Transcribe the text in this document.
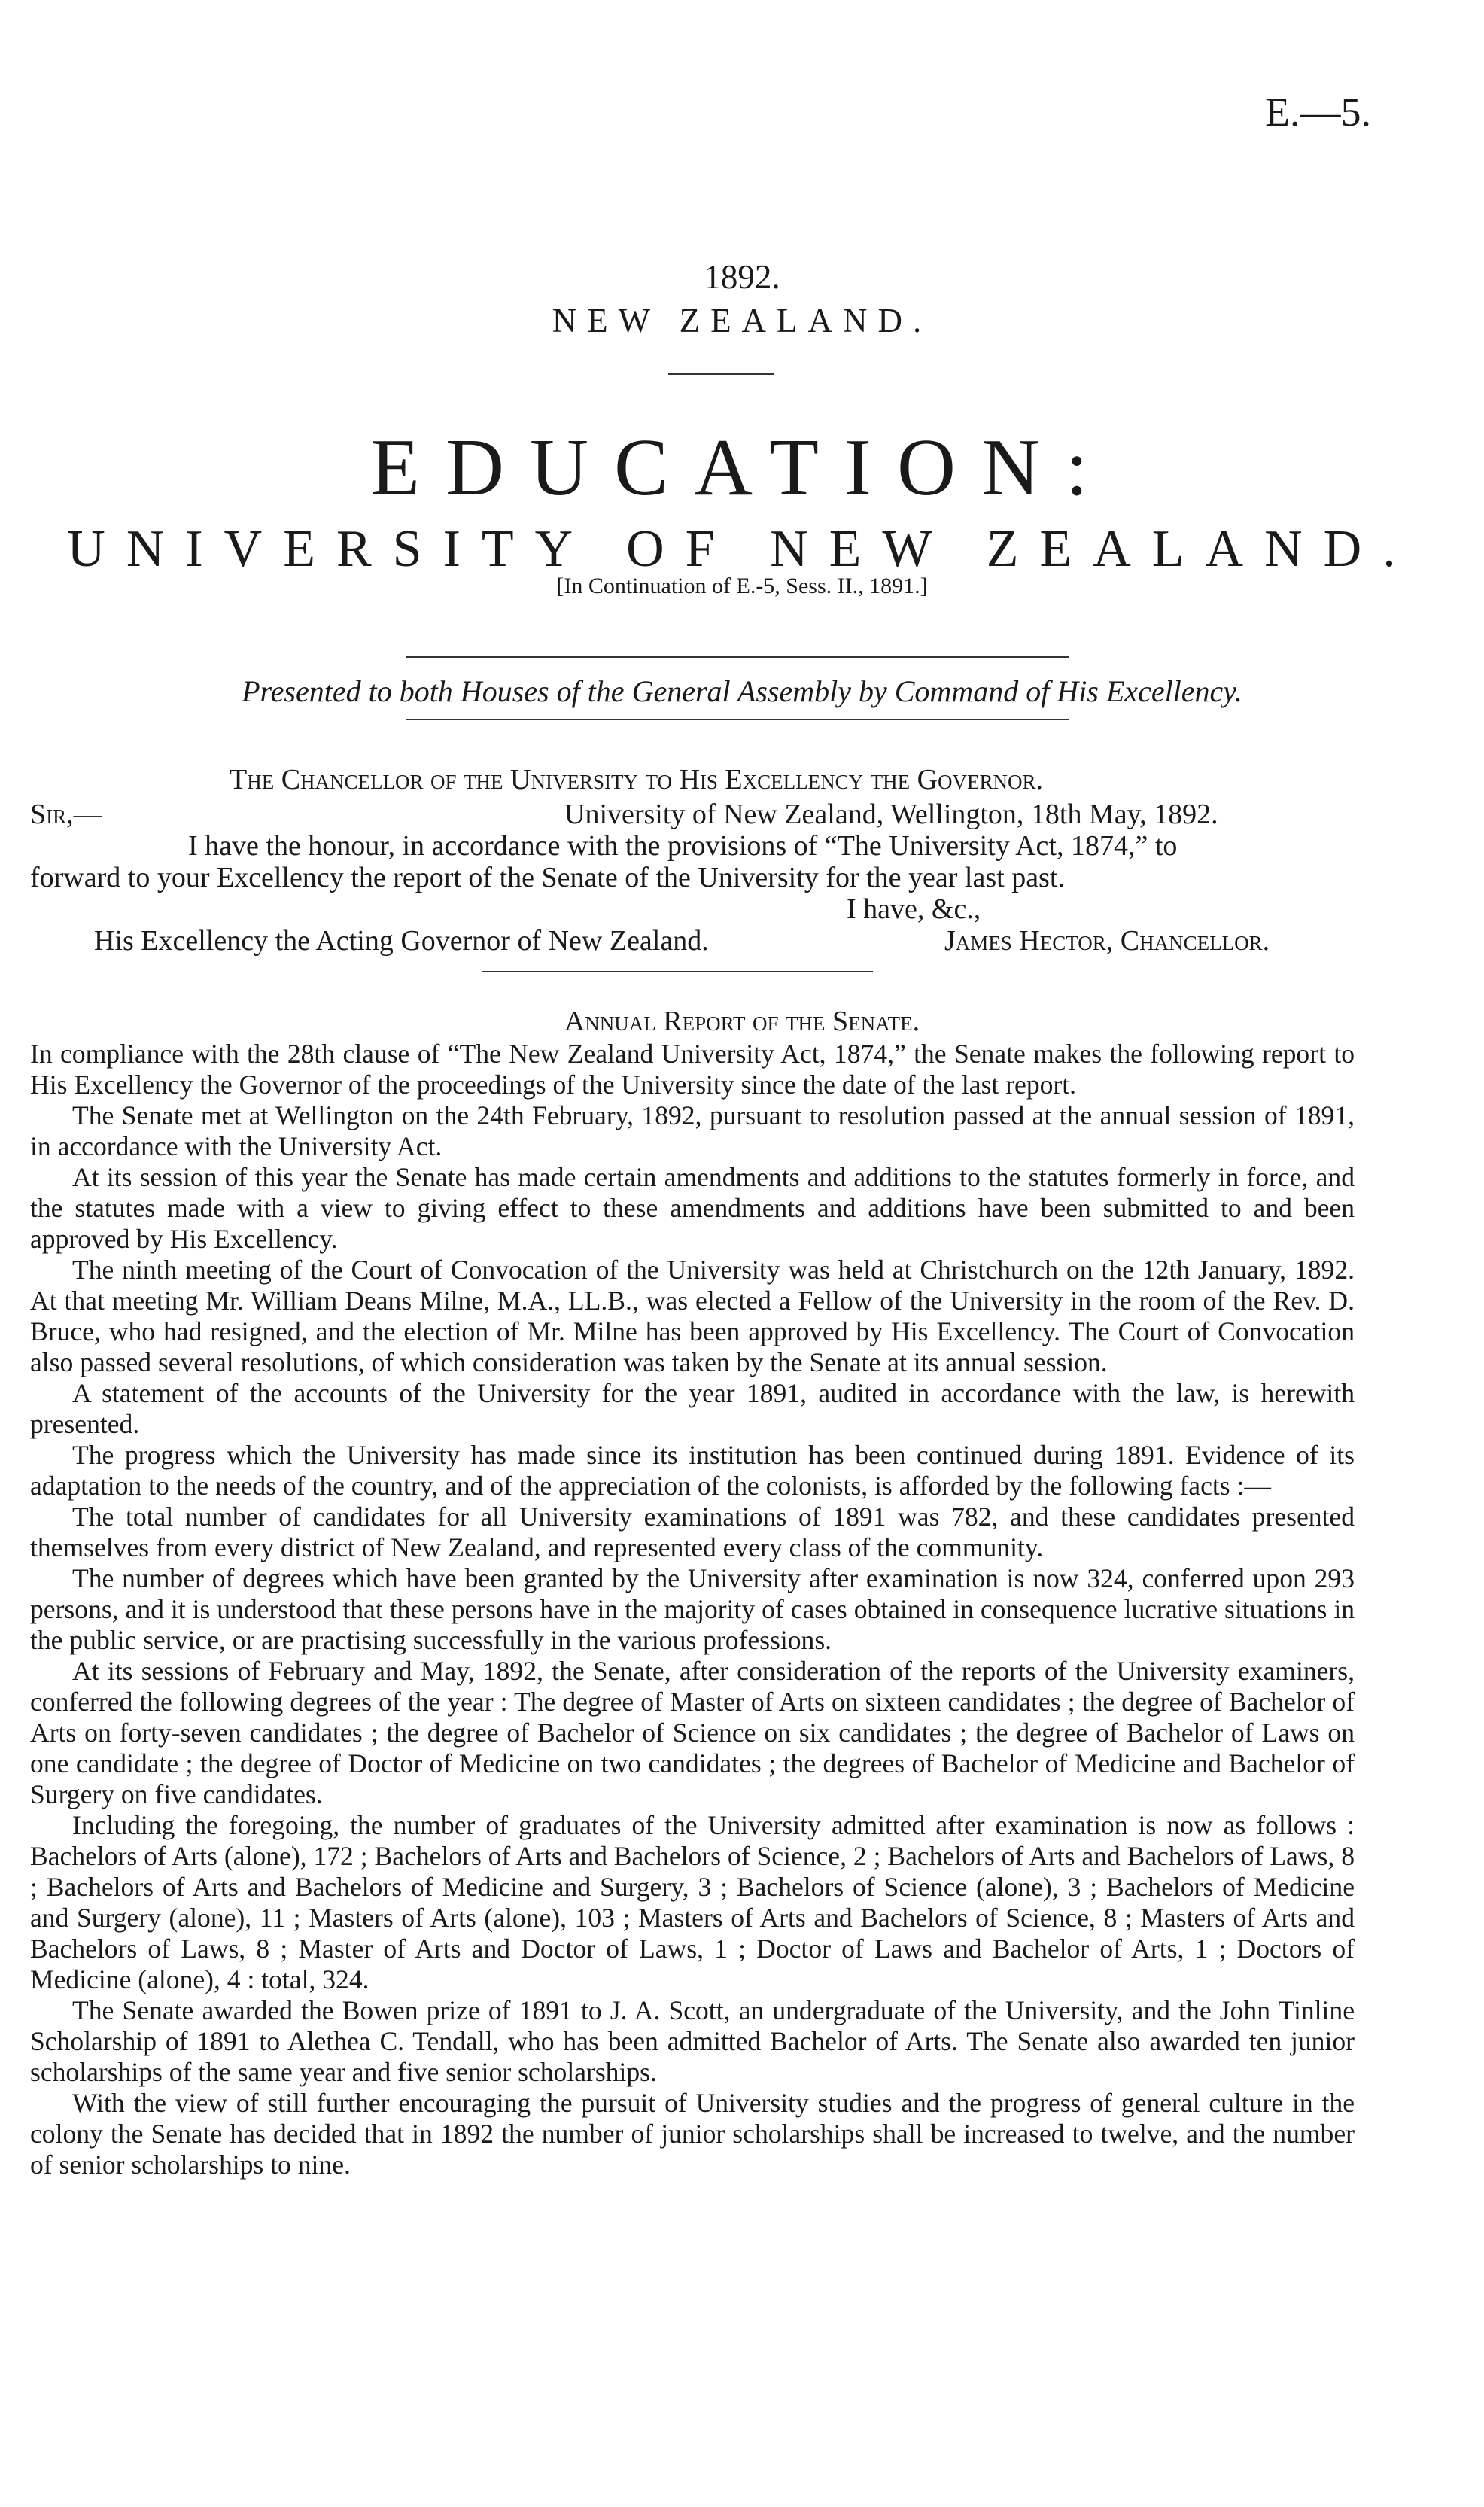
E.—5.
1892.
NEW ZEALAND.
EDUCATION:
UNIVERSITY OF NEW ZEALAND.
[In Continuation of E.-5, Sess. II., 1891.]
Presented to both Houses of the General Assembly by Command of His Excellency.
The Chancellor of the University to His Excellency the Governor.
Sir,—	University of New Zealand, Wellington, 18th May, 1892.
I have the honour, in accordance with the provisions of “The University Act, 1874,” to
forward to your Excellency the report of the Senate of the University for the year last past.
I have, &c.,
His Excellency the Acting Governor of New Zealand.	James Hector, Chancellor.
Annual Report of the Senate.

In compliance with the 28th clause of “The New Zealand University Act, 1874,” the Senate makes the following report to His Excellency the Governor of the proceedings of the University since the date of the last report.

The Senate met at Wellington on the 24th February, 1892, pursuant to resolution passed at the annual session of 1891, in accordance with the University Act.

At its session of this year the Senate has made certain amendments and additions to the statutes formerly in force, and the statutes made with a view to giving effect to these amendments and additions have been submitted to and been approved by His Excellency.

The ninth meeting of the Court of Convocation of the University was held at Christchurch on the 12th January, 1892. At that meeting Mr. William Deans Milne, M.A., LL.B., was elected a Fellow of the University in the room of the Rev. D. Bruce, who had resigned, and the election of Mr. Milne has been approved by His Excellency. The Court of Convocation also passed several resolutions, of which consideration was taken by the Senate at its annual session.

A statement of the accounts of the University for the year 1891, audited in accordance with the law, is herewith presented.

The progress which the University has made since its institution has been continued during 1891. Evidence of its adaptation to the needs of the country, and of the appreciation of the colonists, is afforded by the following facts :—

The total number of candidates for all University examinations of 1891 was 782, and these candidates presented themselves from every district of New Zealand, and represented every class of the community.

The number of degrees which have been granted by the University after examination is now 324, conferred upon 293 persons, and it is understood that these persons have in the majority of cases obtained in consequence lucrative situations in the public service, or are practising successfully in the various professions.

At its sessions of February and May, 1892, the Senate, after consideration of the reports of the University examiners, conferred the following degrees of the year : The degree of Master of Arts on sixteen candidates ; the degree of Bachelor of Arts on forty-seven candidates ; the degree of Bachelor of Science on six candidates ; the degree of Bachelor of Laws on one candidate ; the degree of Doctor of Medicine on two candidates ; the degrees of Bachelor of Medicine and Bachelor of Surgery on five candidates.

Including the foregoing, the number of graduates of the University admitted after examination is now as follows : Bachelors of Arts (alone), 172 ; Bachelors of Arts and Bachelors of Science, 2 ; Bachelors of Arts and Bachelors of Laws, 8 ; Bachelors of Arts and Bachelors of Medicine and Surgery, 3 ; Bachelors of Science (alone), 3 ; Bachelors of Medicine and Surgery (alone), 11 ; Masters of Arts (alone), 103 ; Masters of Arts and Bachelors of Science, 8 ; Masters of Arts and Bachelors of Laws, 8 ; Master of Arts and Doctor of Laws, 1 ; Doctor of Laws and Bachelor of Arts, 1 ; Doctors of Medicine (alone), 4 : total, 324.

The Senate awarded the Bowen prize of 1891 to J. A. Scott, an undergraduate of the University, and the John Tinline Scholarship of 1891 to Alethea C. Tendall, who has been admitted Bachelor of Arts. The Senate also awarded ten junior scholarships of the same year and five senior scholarships.

With the view of still further encouraging the pursuit of University studies and the progress of general culture in the colony the Senate has decided that in 1892 the number of junior scholarships shall be increased to twelve, and the number of senior scholarships to nine.
